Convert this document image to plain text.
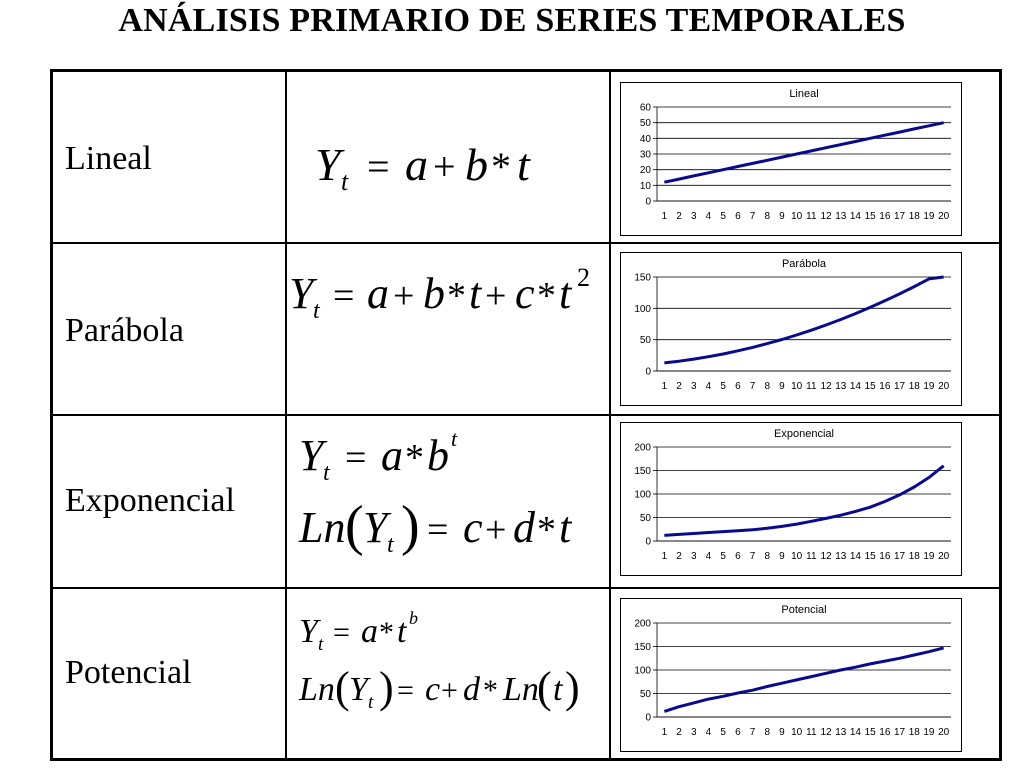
ANÁLISIS PRIMARIO DE SERIES TEMPORALES
Lineal
Parábola
Exponencial
Potencial
Y t = a + b * t
Y t = a + b * t + c * t 2
Y t = a * b t
Ln ( Y t ) = c + d * t
Y t = a * t b
Ln ( Y t ) = c + d * Ln
( t )
Lineal
0
10
20
30
40
50
60
1 2 3 4 5 6 7 8 9 10 11 12 13 14 15 16 17 18 19 20
Parábola
0
50
100
150
1 2 3 4 5 6 7 8 9 10 11 12 13 14 15 16 17 18 19 20
Exponencial
0
50
100
150
200
1 2 3 4 5 6 7 8 9 10 11 12 13 14 15 16 17 18 19 20
Potencial
0
50
100
150
200
1 2 3 4 5 6 7 8 9 10 11 12 13 14 15 16 17 18 19 20
